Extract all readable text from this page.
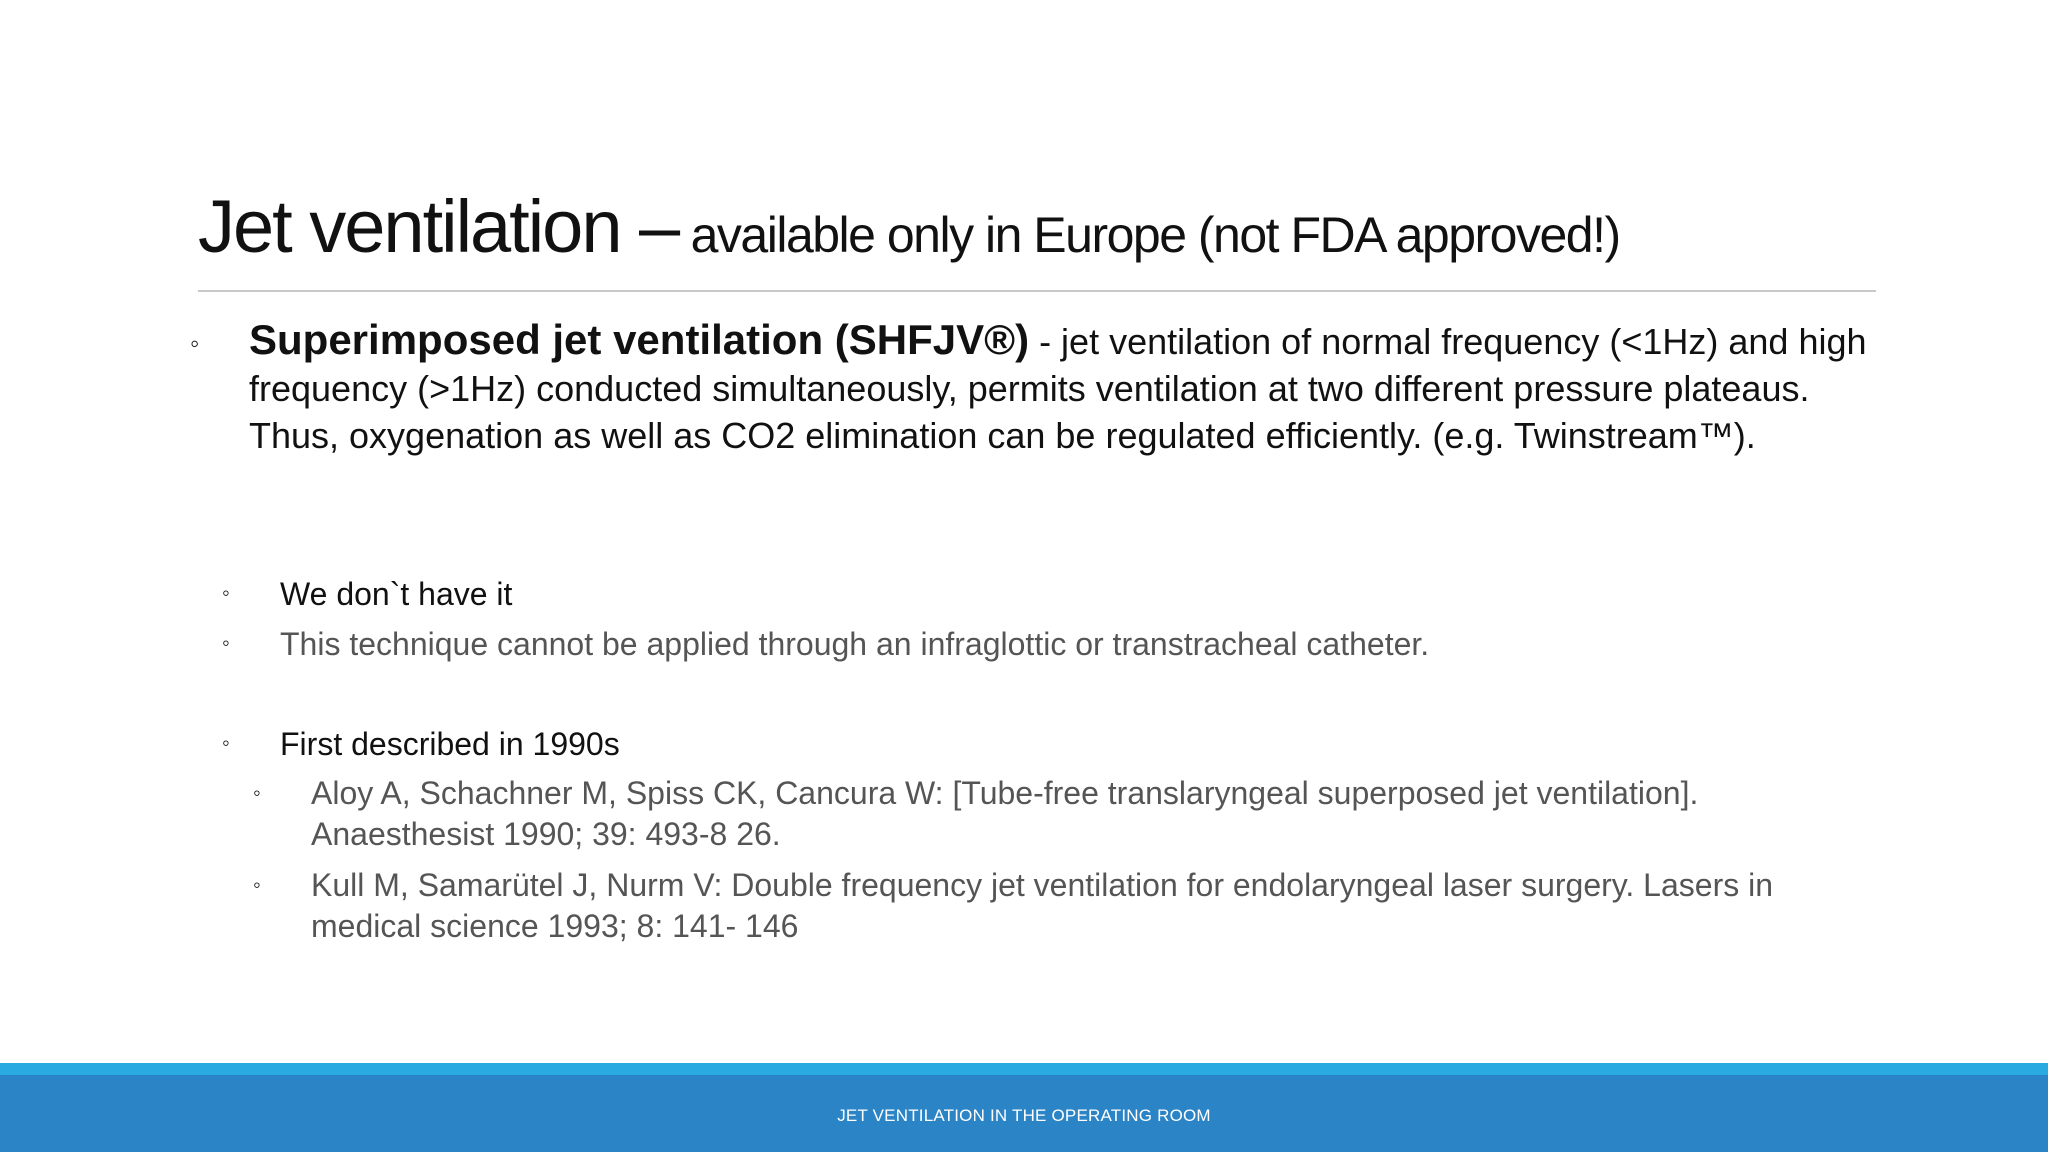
Jet ventilation – available only in Europe (not FDA approved!)
◦ Superimposed jet ventilation (SHFJV®) - jet ventilation of normal frequency (<1Hz) and high frequency (>1Hz) conducted simultaneously, permits ventilation at two different pressure plateaus. Thus, oxygenation as well as CO2 elimination can be regulated efficiently. (e.g. Twinstream™).
◦ We don`t have it
◦ This technique cannot be applied through an infraglottic or transtracheal catheter.
◦ First described in 1990s
◦ Aloy A, Schachner M, Spiss CK, Cancura W: [Tube-free translaryngeal superposed jet ventilation]. Anaesthesist 1990; 39: 493-8 26.
◦ Kull M, Samarütel J, Nurm V: Double frequency jet ventilation for endolaryngeal laser surgery. Lasers in medical science 1993; 8: 141- 146
JET VENTILATION IN THE OPERATING ROOM
